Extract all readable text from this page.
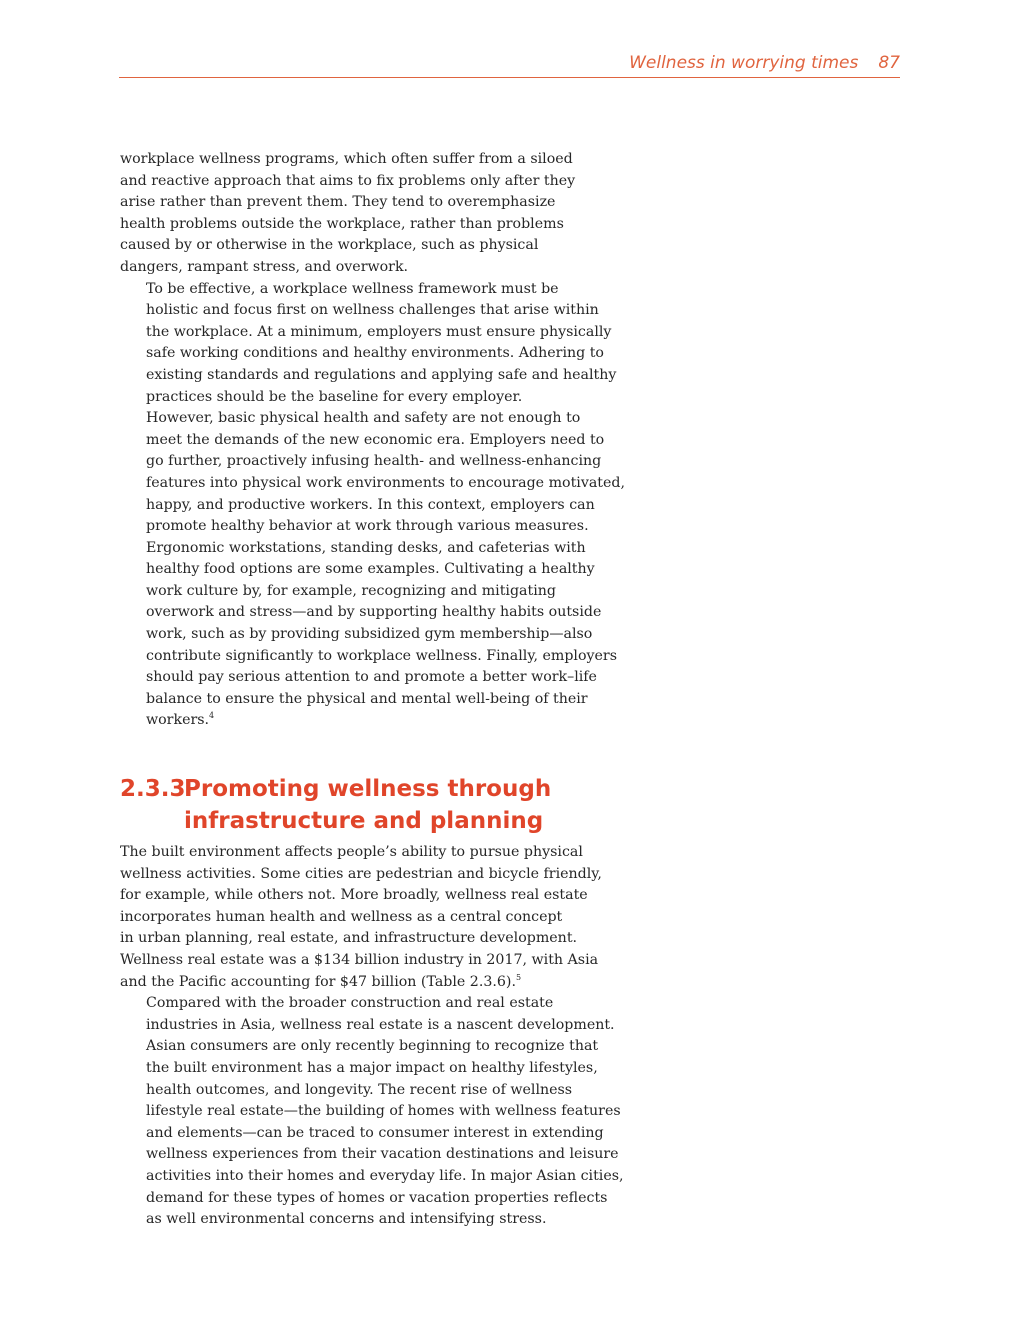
Wellness in worrying times 87

workplace wellness programs, which often suffer from a siloed
and reactive approach that aims to fix problems only after they
arise rather than prevent them. They tend to overemphasize
health problems outside the workplace, rather than problems
caused by or otherwise in the workplace, such as physical
dangers, rampant stress, and overwork.

To be effective, a workplace wellness framework must be
holistic and focus first on wellness challenges that arise within
the workplace. At a minimum, employers must ensure physically
safe working conditions and healthy environments. Adhering to
existing standards and regulations and applying safe and healthy
practices should be the baseline for every employer.

However, basic physical health and safety are not enough to
meet the demands of the new economic era. Employers need to
go further, proactively infusing health- and wellness-enhancing
features into physical work environments to encourage motivated,
happy, and productive workers. In this context, employers can
promote healthy behavior at work through various measures.
Ergonomic workstations, standing desks, and cafeterias with
healthy food options are some examples. Cultivating a healthy
work culture by, for example, recognizing and mitigating
overwork and stress—and by supporting healthy habits outside
work, such as by providing subsidized gym membership—also
contribute significantly to workplace wellness. Finally, employers
should pay serious attention to and promote a better work–life
balance to ensure the physical and mental well-being of their
workers.$^4$

2.3.3
Promoting wellness through
infrastructure and planning

The built environment affects people’s ability to pursue physical
wellness activities. Some cities are pedestrian and bicycle friendly,
for example, while others not. More broadly, wellness real estate
incorporates human health and wellness as a central concept
in urban planning, real estate, and infrastructure development.
Wellness real estate was a $134 billion industry in 2017, with Asia
and the Pacific accounting for $47 billion (Table 2.3.6).$^5$

Compared with the broader construction and real estate
industries in Asia, wellness real estate is a nascent development.
Asian consumers are only recently beginning to recognize that
the built environment has a major impact on healthy lifestyles,
health outcomes, and longevity. The recent rise of wellness
lifestyle real estate—the building of homes with wellness features
and elements—can be traced to consumer interest in extending
wellness experiences from their vacation destinations and leisure
activities into their homes and everyday life. In major Asian cities,
demand for these types of homes or vacation properties reflects
as well environmental concerns and intensifying stress.
